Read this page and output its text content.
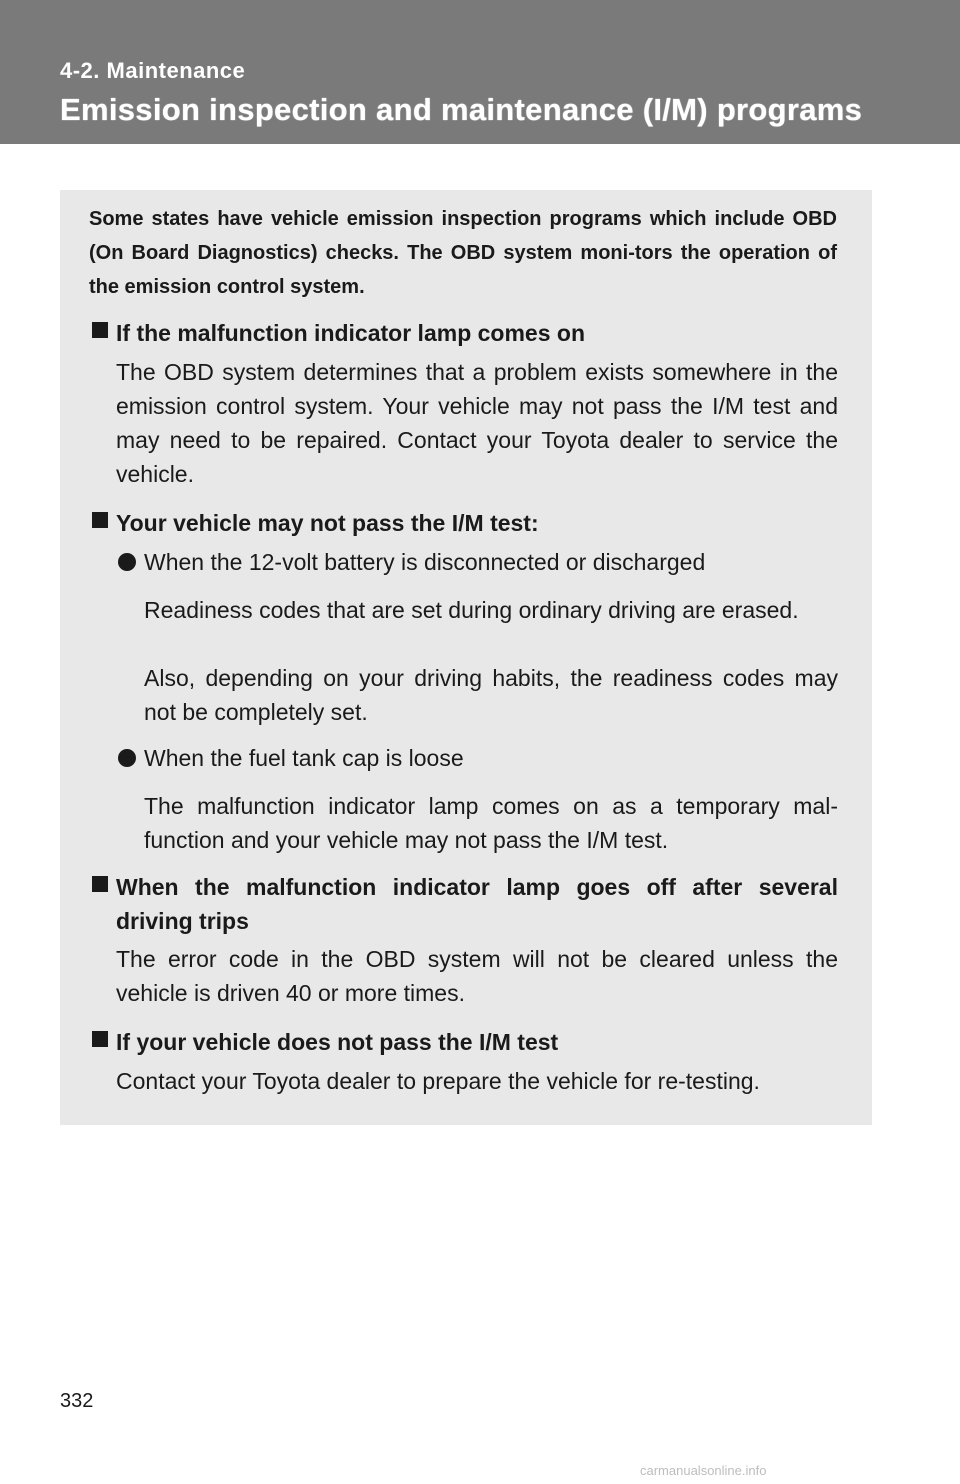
4-2. Maintenance
Emission inspection and maintenance (I/M) programs
Some states have vehicle emission inspection programs which include OBD (On Board Diagnostics) checks. The OBD system moni-tors the operation of the emission control system.
If the malfunction indicator lamp comes on
The OBD system determines that a problem exists somewhere in the emission control system. Your vehicle may not pass the I/M test and may need to be repaired. Contact your Toyota dealer to service the vehicle.
Your vehicle may not pass the I/M test:
When the 12-volt battery is disconnected or discharged
Readiness codes that are set during ordinary driving are erased.
Also, depending on your driving habits, the readiness codes may not be completely set.
When the fuel tank cap is loose
The malfunction indicator lamp comes on as a temporary mal-function and your vehicle may not pass the I/M test.
When the malfunction indicator lamp goes off after several driving trips
The error code in the OBD system will not be cleared unless the vehicle is driven 40 or more times.
If your vehicle does not pass the I/M test
Contact your Toyota dealer to prepare the vehicle for re-testing.
332
carmanualsonline.info
